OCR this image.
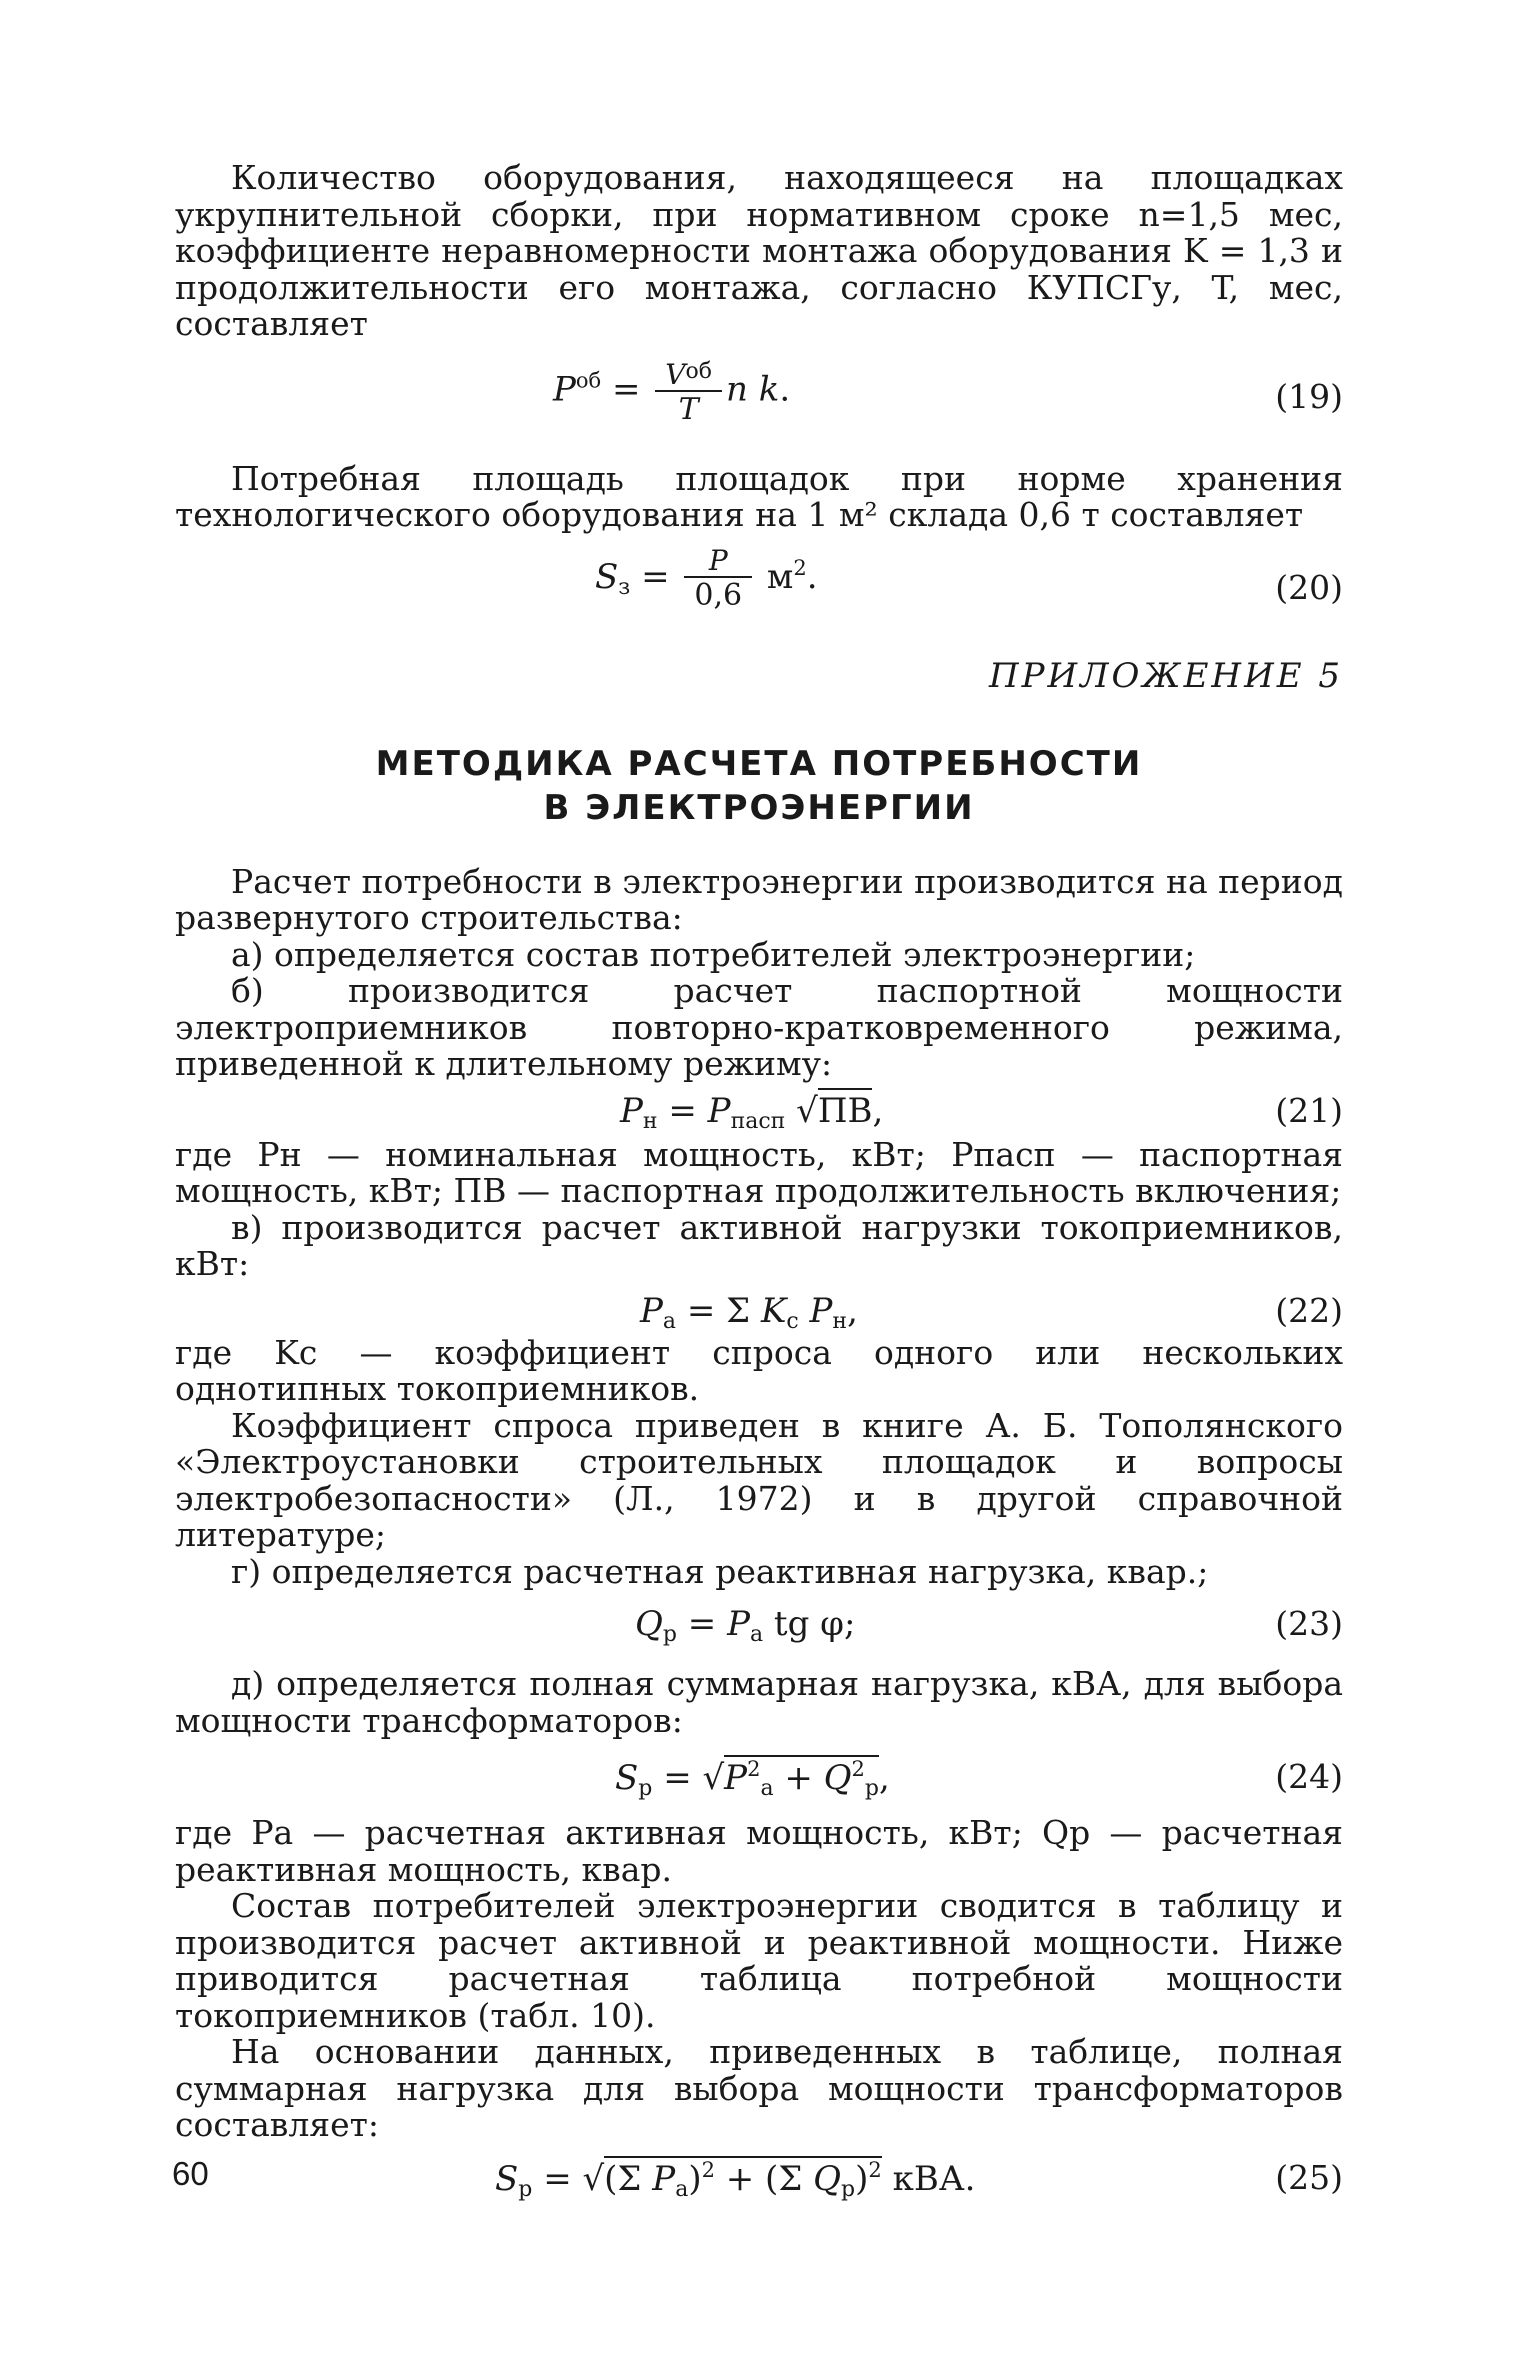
Количество оборудования, находящееся на площадках укрупнительной сборки, при нормативном сроке n=1,5 мес, коэффициенте неравномерности монтажа оборудования K = 1,3 и продолжительности его монтажа, согласно КУПСГу, T, мес, составляет

$P^{об} = \frac{V^{об}}{T}$ n k.	(19)

Потребная площадь площадок при норме хранения технологического оборудования на 1 м² склада 0,6 т составляет

$S_з = \frac{P}{0,6} м^2$.	(20)
ПРИЛОЖЕНИЕ 5
МЕТОДИКА РАСЧЕТА ПОТРЕБНОСТИ
В ЭЛЕКТРОЭНЕРГИИ

Расчет потребности в электроэнергии производится на период развернутого строительства:

а) определяется состав потребителей электроэнергии;

б) производится расчет паспортной мощности электроприемников повторно-кратковременного режима, приведенной к длительному режиму:

$P_н = P_{пасп}$ √ПВ,	(21)

где Pн — номинальная мощность, кВт; Pпасп — паспортная мощность, кВт; ПВ — паспортная продолжительность включения;

в) производится расчет активной нагрузки токоприемников, кВт:

$P_а = \Sigma$ $K_с$ $P_н$,	(22)

где Kс — коэффициент спроса одного или нескольких однотипных токоприемников.

Коэффициент спроса приведен в книге А. Б. Тополянского «Электроустановки строительных площадок и вопросы электробезопасности» (Л., 1972) и в другой справочной литературе;

г) определяется расчетная реактивная нагрузка, квар.;

$Q_р = P_а$ tg φ;	(23)

д) определяется полная суммарная нагрузка, кВА, для выбора мощности трансформаторов:

$S_р = √P^2_а + Q^2_р$,	(24)

где Pа — расчетная активная мощность, кВт; Qр — расчетная реактивная мощность, квар.

Состав потребителей электроэнергии сводится в таблицу и производится расчет активной и реактивной мощности. Ниже приводится расчетная таблица потребной мощности токоприемников (табл. 10).

На основании данных, приведенных в таблице, полная суммарная нагрузка для выбора мощности трансформаторов составляет:

$S_р = √(\Sigma$ $P_а)^2 + (\Sigma$ $Q_р)^2$ кВА.	(25)
60
